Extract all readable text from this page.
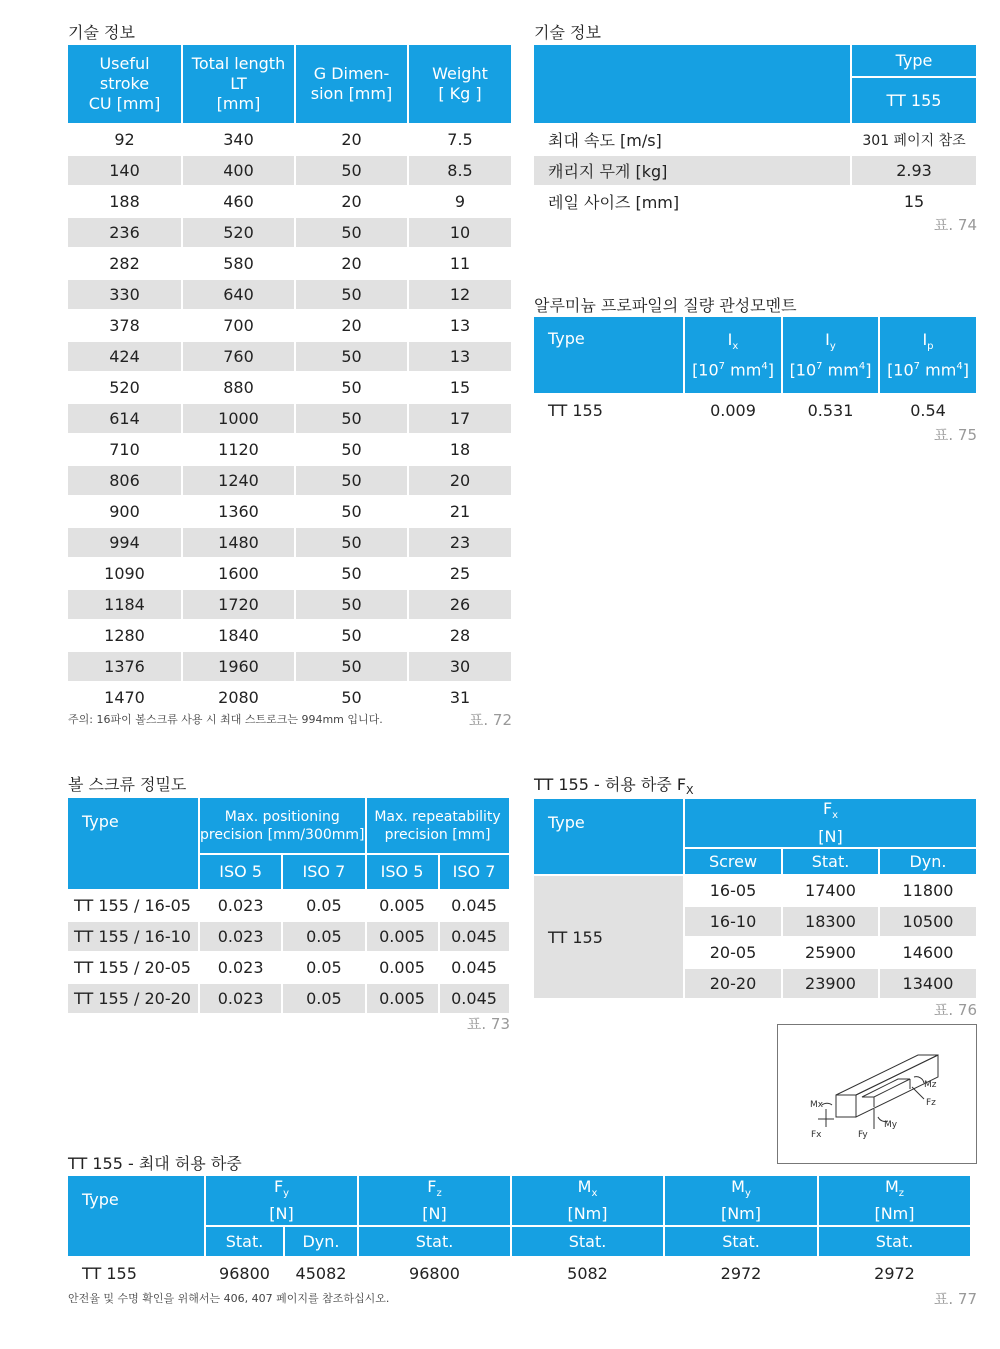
기술 정보
Useful
stroke
CU [mm]	Total length
LT
[mm]	G Dimen-
sion [mm]	Weight
[ Kg ]
92	340	20	7.5
140	400	50	8.5
188	460	20	9
236	520	50	10
282	580	20	11
330	640	50	12
378	700	20	13
424	760	50	13
520	880	50	15
614	1000	50	17
710	1120	50	18
806	1240	50	20
900	1360	50	21
994	1480	50	23
1090	1600	50	25
1184	1720	50	26
1280	1840	50	28
1376	1960	50	30
1470	2080	50	31
주의: 16파이 볼스크류 사용 시 최대 스트로크는 994mm 입니다.	표. 72
기술 정보
	Type
	TT 155
최대 속도 [m/s]	301 페이지 참조
캐리지 무게 [kg]	2.93
레일 사이즈 [mm]	15
표. 74
알루미늄 프로파일의 질량 관성모멘트
Type	$I_x$
[$10^7$ $mm^4$]	$I_y$
[$10^7$ $mm^4$]	$I_p$
[$10^7$ $mm^4$]
TT 155	0.009	0.531	0.54
표. 75
볼 스크류 정밀도
Type	Max. positioning
precision [mm/300mm]		Max. repeatability
precision [mm]	
	ISO 5	ISO 7	ISO 5	ISO 7
TT 155 / 16-05	0.023	0.05	0.005	0.045
TT 155 / 16-10	0.023	0.05	0.005	0.045
TT 155 / 20-05	0.023	0.05	0.005	0.045
TT 155 / 20-20	0.023	0.05	0.005	0.045
표. 73
TT 155 - 허용 하중 $F_X$
Type	$F_x$
[N]		
	Screw	Stat.	Dyn.
TT 155	16-05	17400	11800
	16-10	18300	10500
	20-05	25900	14600
	20-20	23900	13400
표. 76
Mx
Fx	Fy
My
Mz
Fz
TT 155 - 최대 허용 하중
Type	$F_y$
[N]		$F_z$
[N]	$M_x$
[Nm]	$M_y$
[Nm]	$M_z$
[Nm]
	Stat.	Dyn.	Stat.	Stat.	Stat.	Stat.
TT 155	96800	45082	96800	5082	2972	2972
안전율 및 수명 확인을 위해서는 406, 407 페이지를 참조하십시오.	표. 77
